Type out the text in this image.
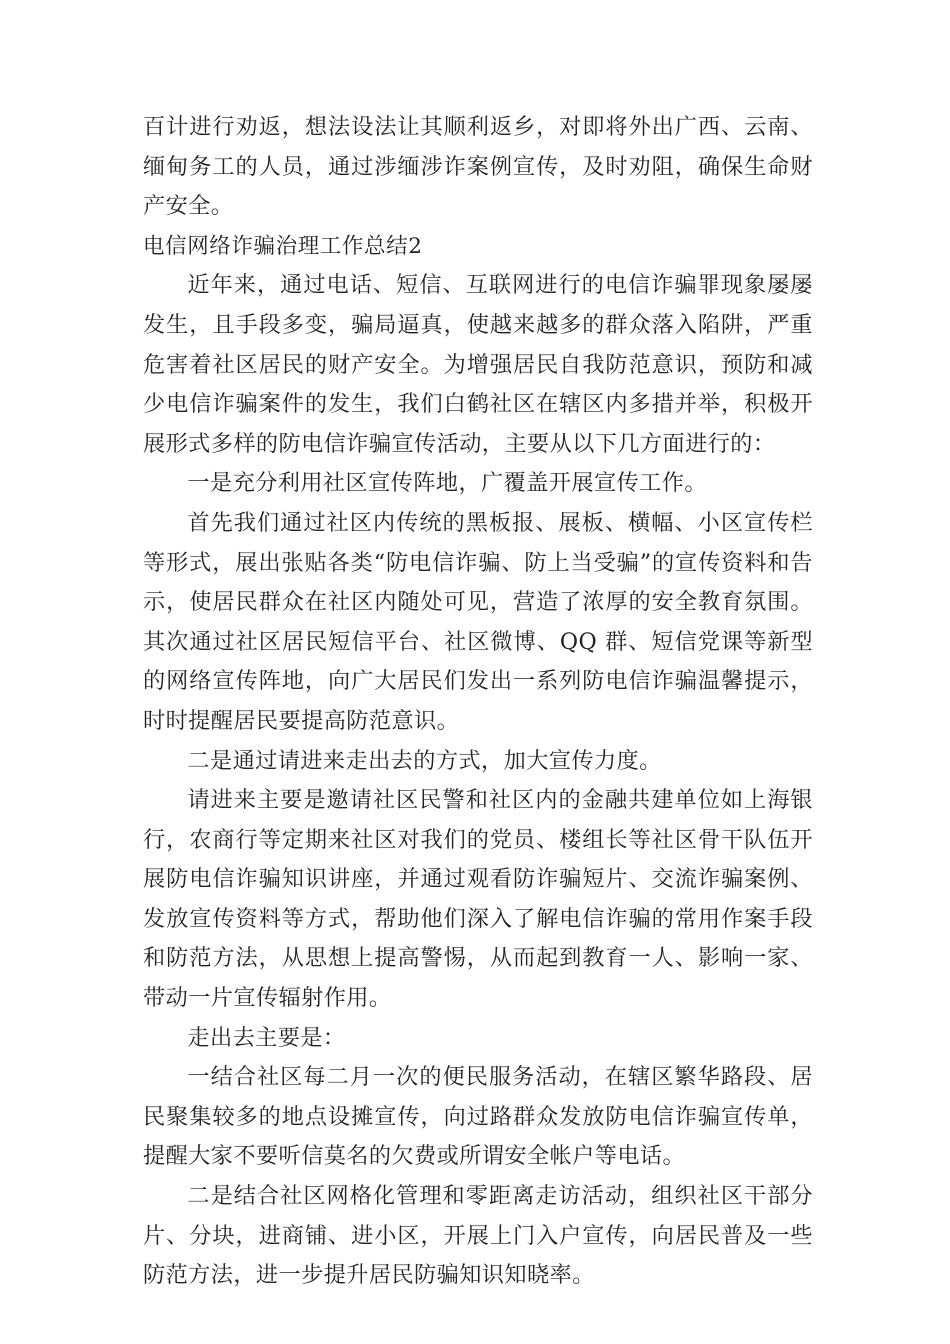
百计进行劝返，想法设法让其顺利返乡，对即将外出广西、云南、缅甸务工的人员，通过涉缅涉诈案例宣传，及时劝阻，确保生命财产安全。

电信网络诈骗治理工作总结2

近年来，通过电话、短信、互联网进行的电信诈骗罪现象屡屡发生，且手段多变，骗局逼真，使越来越多的群众落入陷阱，严重危害着社区居民的财产安全。为增强居民自我防范意识，预防和减少电信诈骗案件的发生，我们白鹤社区在辖区内多措并举，积极开展形式多样的防电信诈骗宣传活动，主要从以下几方面进行的：

一是充分利用社区宣传阵地，广覆盖开展宣传工作。

首先我们通过社区内传统的黑板报、展板、横幅、小区宣传栏等形式，展出张贴各类“防电信诈骗、防上当受骗”的宣传资料和告示，使居民群众在社区内随处可见，营造了浓厚的安全教育氛围。其次通过社区居民短信平台、社区微博、QQ 群、短信党课等新型的网络宣传阵地，向广大居民们发出一系列防电信诈骗温馨提示，时时提醒居民要提高防范意识。

二是通过请进来走出去的方式，加大宣传力度。

请进来主要是邀请社区民警和社区内的金融共建单位如上海银行，农商行等定期来社区对我们的党员、楼组长等社区骨干队伍开展防电信诈骗知识讲座，并通过观看防诈骗短片、交流诈骗案例、发放宣传资料等方式，帮助他们深入了解电信诈骗的常用作案手段和防范方法，从思想上提高警惕，从而起到教育一人、影响一家、带动一片宣传辐射作用。

走出去主要是：

一结合社区每二月一次的便民服务活动，在辖区繁华路段、居民聚集较多的地点设摊宣传，向过路群众发放防电信诈骗宣传单，提醒大家不要听信莫名的欠费或所谓安全帐户等电话。

二是结合社区网格化管理和零距离走访活动，组织社区干部分片、分块，进商铺、进小区，开展上门入户宣传，向居民普及一些防范方法，进一步提升居民防骗知识知晓率。
